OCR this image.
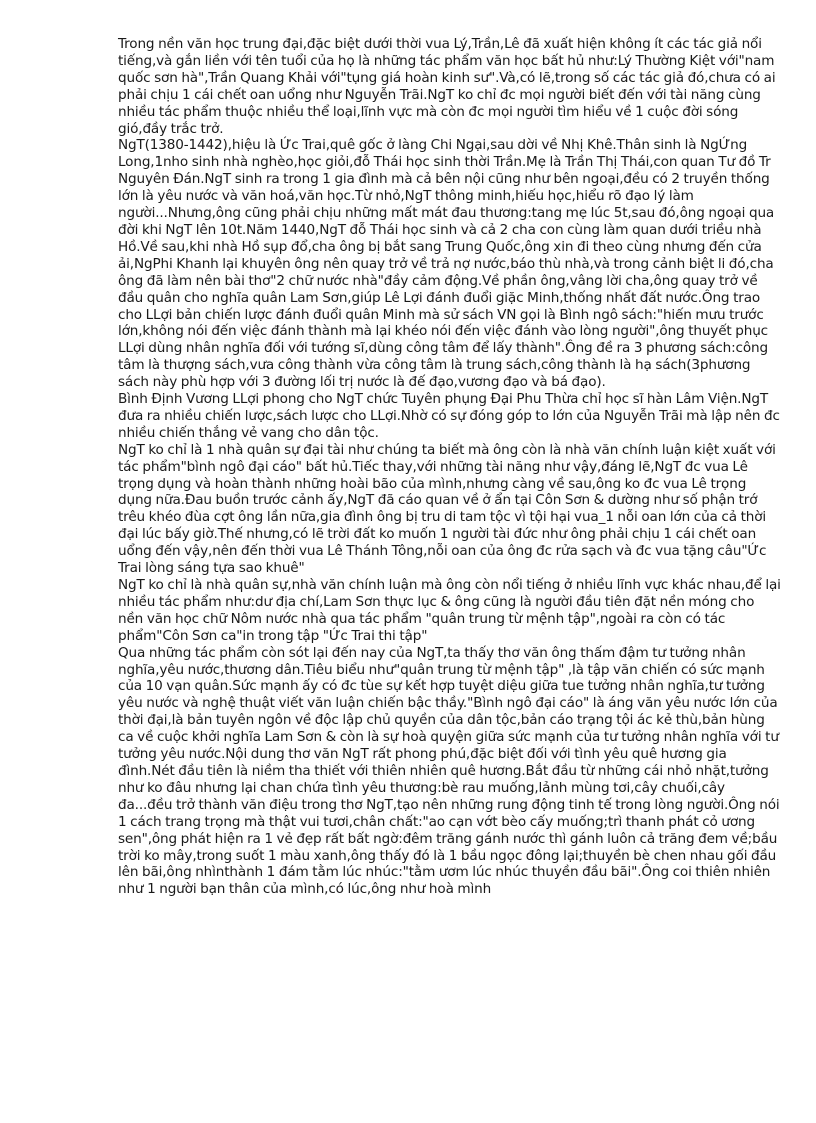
Trong nền văn học trung đại,đặc biệt dưới thời vua Lý,Trần,Lê đã xuất hiện không ít các tác giả nổi tiếng,và gắn liền với tên tuổi của họ là những tác phẩm văn học bất hủ như:Lý Thường Kiệt với"nam quốc sơn hà",Trần Quang Khải với"tụng giá hoàn kinh sư".Và,có lẽ,trong số các tác giả đó,chưa có ai phải chịu 1 cái chết oan uổng như Nguyễn Trãi.NgT ko chỉ đc mọi người biết đến với tài năng cùng nhiều tác phẩm thuộc nhiều thể loại,lĩnh vực mà còn đc mọi người tìm hiểu về 1 cuộc đời sóng gió,đầy trắc trở.

NgT(1380-1442),hiệu là Ức Trai,quê gốc ở làng Chi Ngại,sau dời về Nhị Khê.Thân sinh là NgỨng Long,1nho sinh nhà nghèo,học giỏi,đỗ Thái học sinh thời Trần.Mẹ là Trần Thị Thái,con quan Tư đồ Tr Nguyên Đán.NgT sinh ra trong 1 gia đình mà cả bên nội cũng như bên ngoại,đều có 2 truyền thống lớn là yêu nước và văn hoá,văn học.Từ nhỏ,NgT thông minh,hiếu học,hiểu rõ đạo lý làm người...Nhưng,ông cũng phải chịu những mất mát đau thương:tang mẹ lúc 5t,sau đó,ông ngoại qua đời khi NgT lên 10t.Năm 1440,NgT đỗ Thái học sinh và cả 2 cha con cùng làm quan dưới triều nhà Hồ.Về sau,khi nhà Hồ sụp đổ,cha ông bị bắt sang Trung Quốc,ông xin đi theo cùng nhưng đến cửa ải,NgPhi Khanh lại khuyên ông nên quay trở về trả nợ nước,báo thù nhà,và trong cảnh biệt li đó,cha ông đã làm nên bài thơ"2 chữ nước nhà"đầy cảm động.Về phần ông,vâng lời cha,ông quay trở về đầu quân cho nghĩa quân Lam Sơn,giúp Lê Lợi đánh đuổi giặc Minh,thống nhất đất nước.Ông trao cho LLợi bản chiến lược đánh đuổi quân Minh mà sử sách VN gọi là Bình ngô sách:"hiến mưu trước lớn,không nói đến việc đánh thành mà lại khéo nói đến việc đánh vào lòng người",ông thuyết phục LLợi dùng nhân nghĩa đối với tướng sĩ,dùng công tâm để lấy thành".Ông đề ra 3 phương sách:công tâm là thượng sách,vưa công thành vừa công tâm là trung sách,công thành là hạ sách(3phương sách này phù hợp với 3 đường lối trị nước là đế đạo,vương đạo và bá đạo).

Bình Định Vương LLợi phong cho NgT chức Tuyên phụng Đại Phu Thừa chỉ học sĩ hàn Lâm Viện.NgT đưa ra nhiều chiến lược,sách lược cho LLợi.Nhờ có sự đóng góp to lớn của Nguyễn Trãi mà lập nên đc nhiều chiến thắng vẻ vang cho dân tộc.

NgT ko chỉ là 1 nhà quân sự đại tài như chúng ta biết mà ông còn là nhà văn chính luận kiệt xuất với tác phẩm"bình ngô đại cáo" bất hủ.Tiếc thay,với những tài năng như vậy,đáng lẽ,NgT đc vua Lê trọng dụng và hoàn thành những hoài bão của mình,nhưng càng về sau,ông ko đc vua Lê trọng dụng nữa.Đau buồn trước cảnh ấy,NgT đã cáo quan về ở ẩn tại Côn Sơn & dường như số phận trớ trêu khéo đùa cợt ông lần nữa,gia đình ông bị tru di tam tộc vì tội hại vua_1 nỗi oan lớn của cả thời đại lúc bấy giờ.Thế nhưng,có lẽ trời đất ko muốn 1 người tài đức như ông phải chịu 1 cái chết oan uổng đến vậy,nên đến thời vua Lê Thánh Tông,nỗi oan của ông đc rửa sạch và đc vua tặng câu"Ức Trai lòng sáng tựa sao khuê"

NgT ko chỉ là nhà quân sự,nhà văn chính luận mà ông còn nổi tiếng ở nhiều lĩnh vực khác nhau,để lại nhiều tác phẩm như:dư địa chí,Lam Sơn thực lục & ông cũng là người đầu tiên đặt nền móng cho nền văn học chữ Nôm nước nhà qua tác phẩm "quân trung từ mệnh tập",ngoài ra còn có tác phẩm"Côn Sơn ca"in trong tập "Ức Trai thi tập"

Qua những tác phẩm còn sót lại đến nay của NgT,ta thấy thơ văn ông thấm đậm tư tưởng nhân nghĩa,yêu nước,thương dân.Tiêu biểu như"quân trung từ mệnh tập" ,là tập văn chiến có sức mạnh của 10 vạn quân.Sức mạnh ấy có đc tùe sự kết hợp tuyệt diệu giữa tue tưởng nhân nghĩa,tư tưởng yêu nước và nghệ thuật viết văn luận chiến bậc thầy."Bình ngô đại cáo" là áng văn yêu nước lớn của thời đại,là bản tuyên ngôn về độc lập chủ quyền của dân tộc,bản cáo trạng tội ác kẻ thù,bản hùng ca về cuộc khởi nghĩa Lam Sơn & còn là sự hoà quyện giữa sức mạnh của tư tưởng nhân nghĩa với tư tưởng yêu nước.Nội dung thơ văn NgT rất phong phú,đặc biệt đối với tình yêu quê hương gia đình.Nét đầu tiên là niềm tha thiết với thiên nhiên quê hương.Bắt đầu từ những cái nhỏ nhặt,tưởng như ko đâu nhưng lại chan chứa tình yêu thương:bè rau muống,lảnh mùng tơi,cây chuối,cây đa...đều trở thành văn điệu trong thơ NgT,tạo nên những rung động tinh tế trong lòng người.Ông nói 1 cách trang trọng mà thật vui tươi,chân chất:"ao cạn vớt bèo cấy muống;trì thanh phát cỏ ương sen",ông phát hiện ra 1 vẻ đẹp rất bất ngờ:đêm trăng gánh nước thì gánh luôn cả trăng đem về;bầu trời ko mây,trong suốt 1 màu xanh,ông thấy đó là 1 bầu ngọc đông lại;thuyền bè chen nhau gối đầu lên bãi,ông nhìnthành 1 đám tằm lúc nhúc:"tằm ươm lúc nhúc thuyền đầu bãi".Ông coi thiên nhiên như 1 người bạn thân của mình,có lúc,ông như hoà mình
